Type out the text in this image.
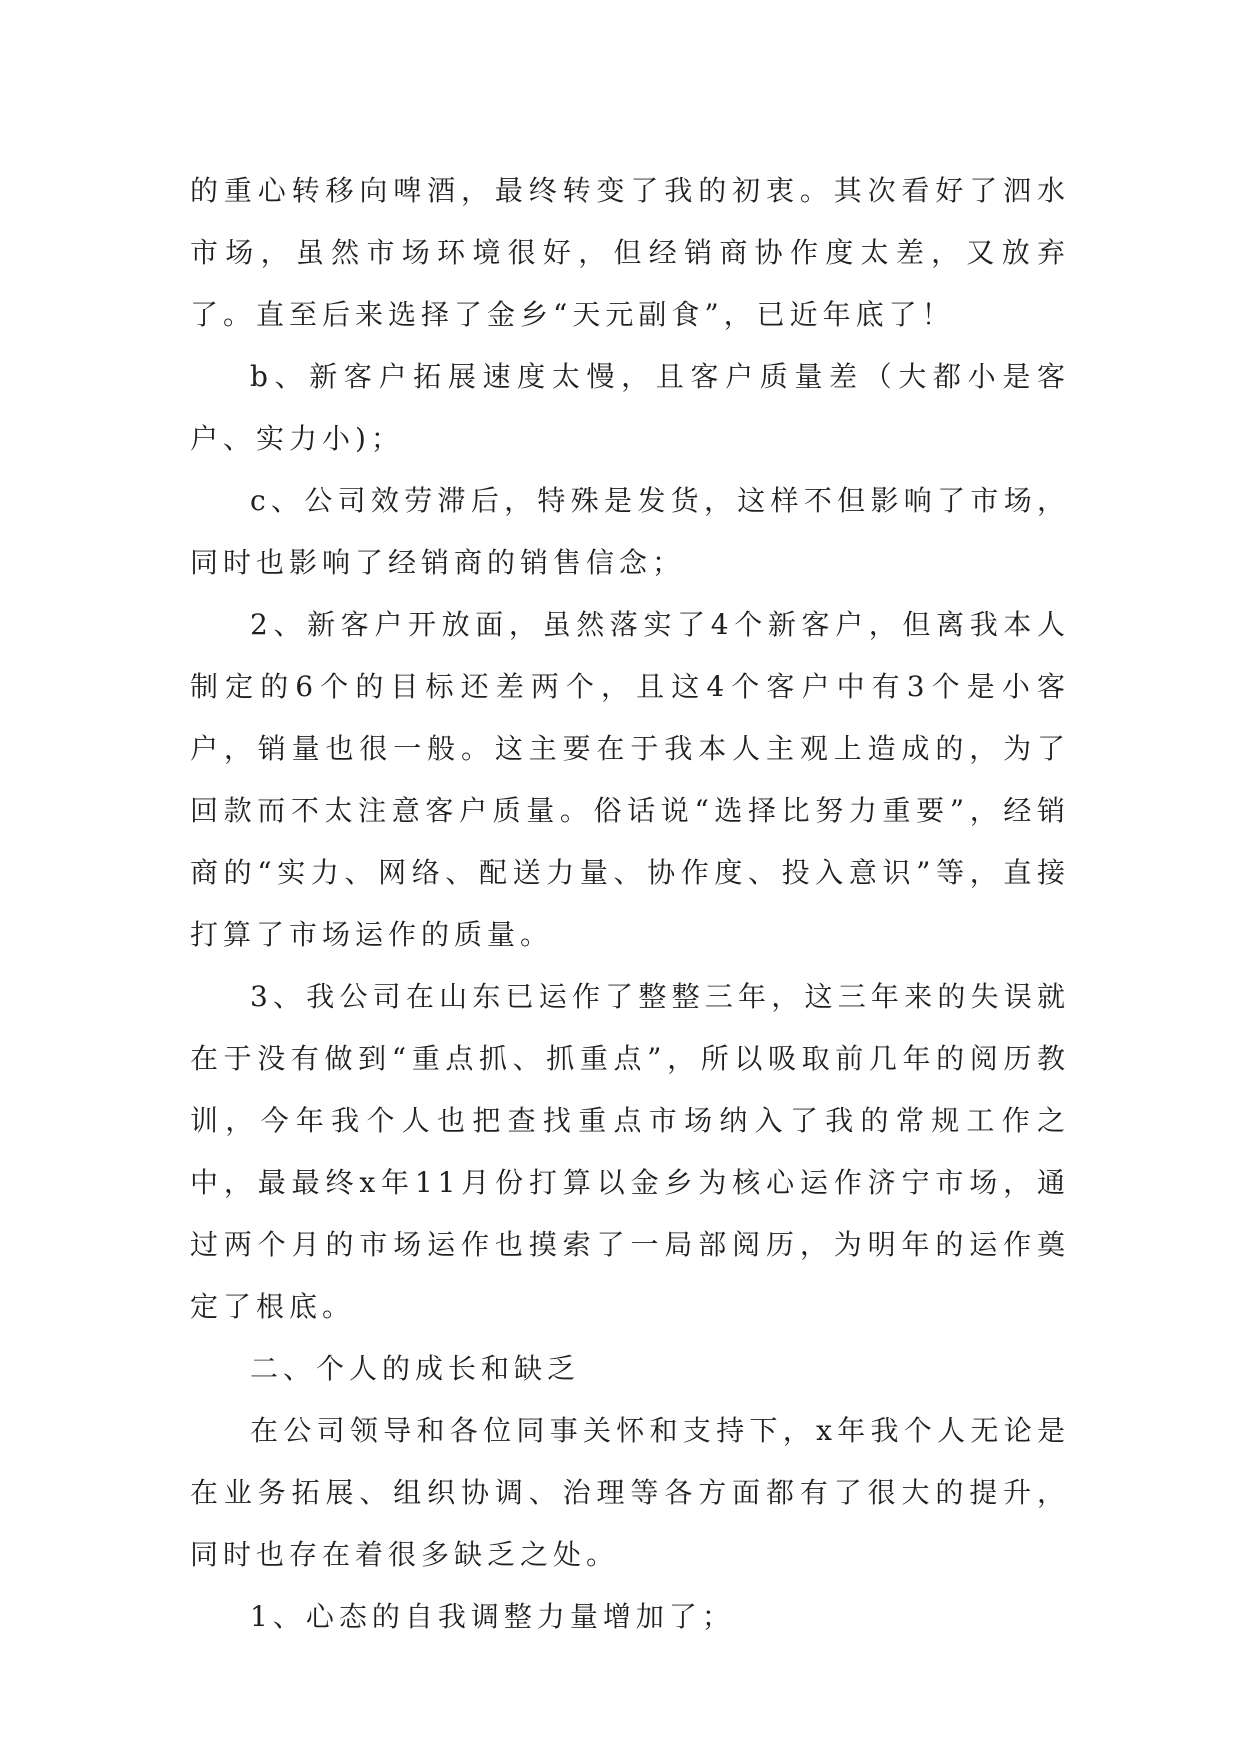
的重心转移向啤酒，最终转变了我的初衷。其次看好了泗水市场，虽然市场环境很好，但经销商协作度太差，又放弃了。直至后来选择了金乡“天元副食”，已近年底了！

b、新客户拓展速度太慢，且客户质量差（大都小是客户、实力小)；

c、公司效劳滞后，特殊是发货，这样不但影响了市场，同时也影响了经销商的销售信念；

2、新客户开放面，虽然落实了4个新客户，但离我本人制定的6个的目标还差两个，且这4个客户中有3个是小客户，销量也很一般。这主要在于我本人主观上造成的，为了回款而不太注意客户质量。俗话说“选择比努力重要”，经销商的“实力、网络、配送力量、协作度、投入意识”等，直接打算了市场运作的质量。

3、我公司在山东已运作了整整三年，这三年来的失误就在于没有做到“重点抓、抓重点”，所以吸取前几年的阅历教训，今年我个人也把查找重点市场纳入了我的常规工作之中，最最终x年11月份打算以金乡为核心运作济宁市场，通过两个月的市场运作也摸索了一局部阅历，为明年的运作奠定了根底。

二、个人的成长和缺乏

在公司领导和各位同事关怀和支持下，x年我个人无论是在业务拓展、组织协调、治理等各方面都有了很大的提升，同时也存在着很多缺乏之处。

1、心态的自我调整力量增加了；
